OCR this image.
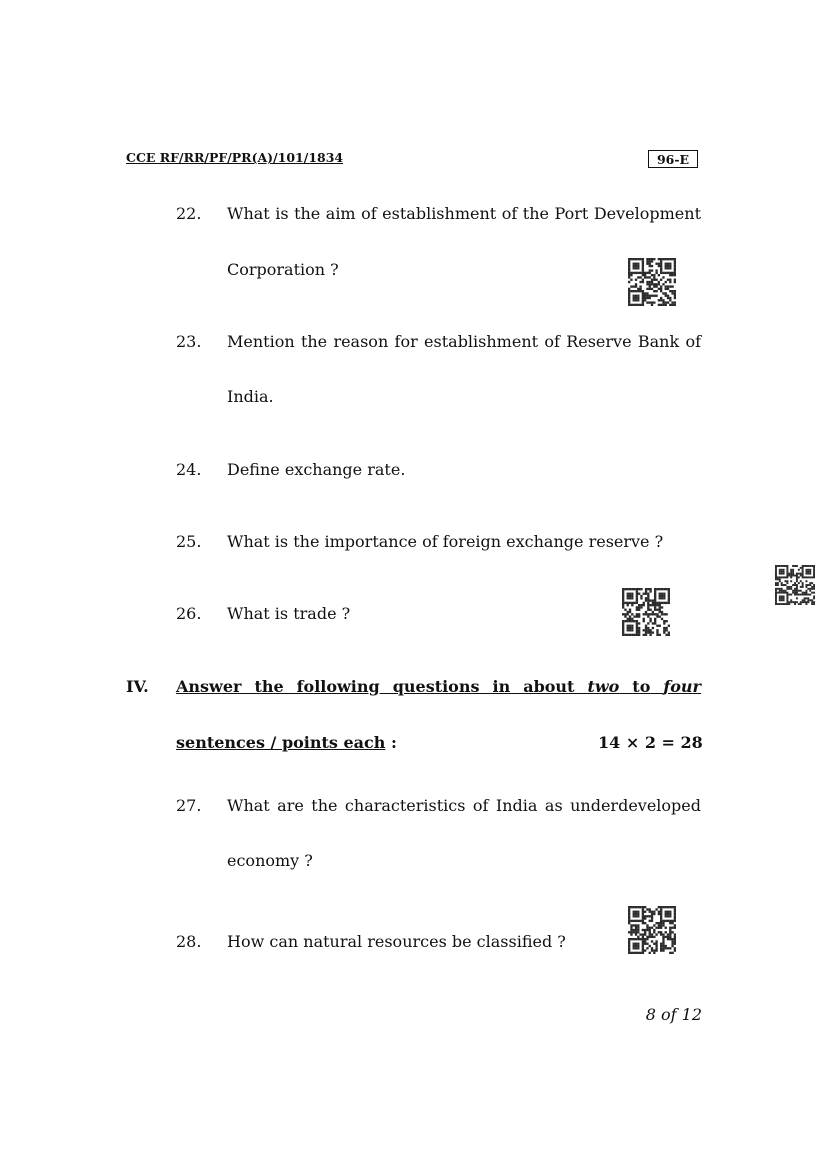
CCE RF/RR/PF/PR(A)/101/1834	96-E
22. What is the aim of establishment of the Port Development
Corporation ?
23. Mention the reason for establishment of Reserve Bank of
India.
24. Define exchange rate.
25. What is the importance of foreign exchange reserve ?
26. What is trade ?
IV. Answer the following questions in about two to four
sentences / points each :	14 × 2 = 28
27. What are the characteristics of India as underdeveloped
economy ?
28. How can natural resources be classified ?
8 of 12
